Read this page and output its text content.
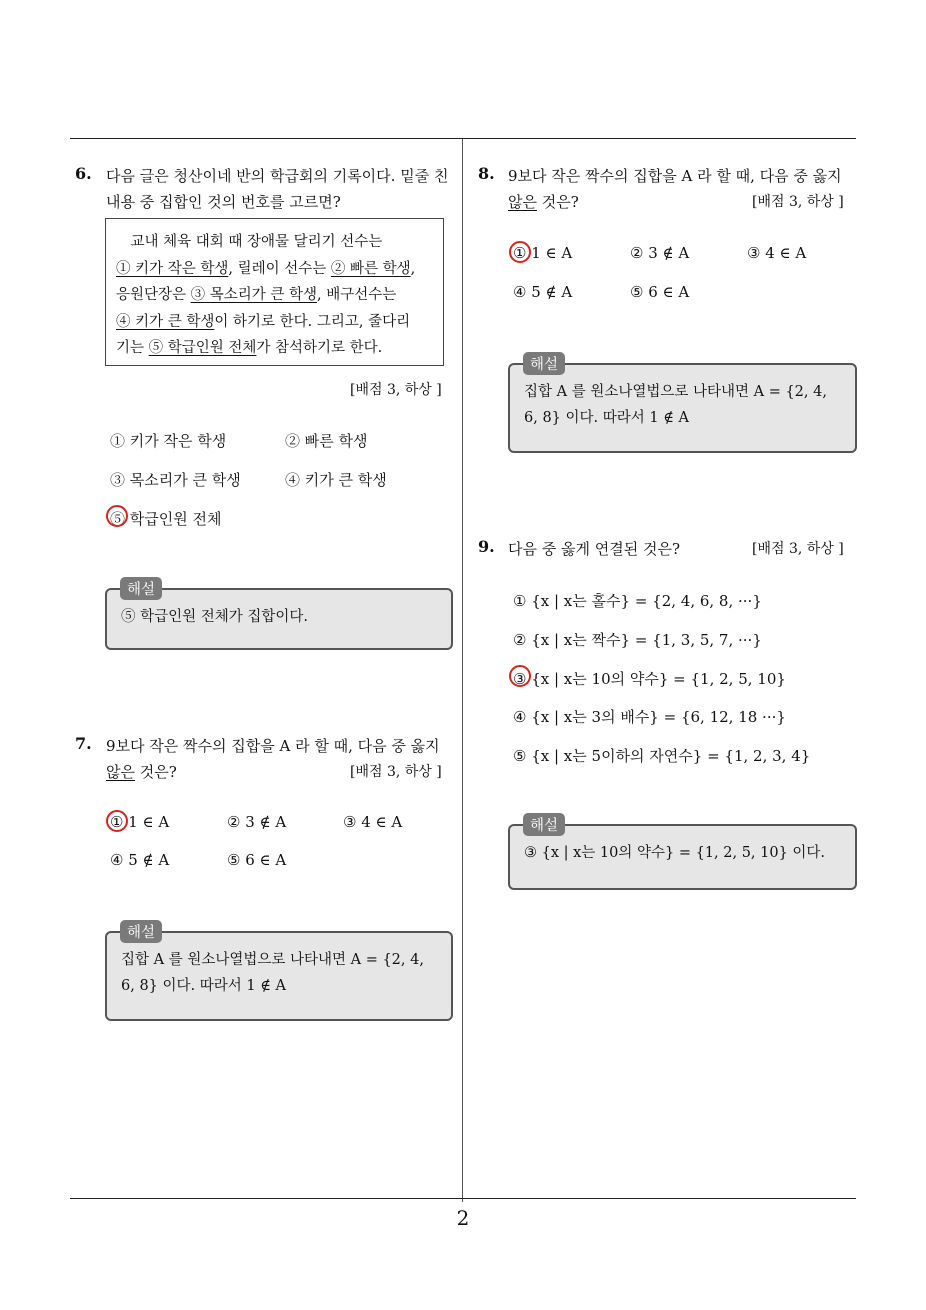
6. 다음 글은 청산이네 반의 학급회의 기록이다. 밑줄 친
내용 중 집합인 것의 번호를 고르면?
교내 체육 대회 때 장애물 달리기 선수는
① 키가 작은 학생, 릴레이 선수는 ② 빠른 학생,
응원단장은 ③ 목소리가 큰 학생, 배구선수는
④ 키가 큰 학생이 하기로 한다. 그리고, 줄다리
기는 ⑤ 학급인원 전체가 참석하기로 한다.
[배점 3, 하상 ]
① 키가 작은 학생	② 빠른 학생
③ 목소리가 큰 학생	④ 키가 큰 학생
⑤ 학급인원 전체
⑤ 학급인원 전체가 집합이다.
해설
7. 9보다 작은 짝수의 집합을 A 라 할 때, 다음 중 옳지
않은 것은?	[배점 3, 하상 ]
① 1 ∈ A	② 3 ∉ A	③ 4 ∈ A
④ 5 ∉ A	⑤ 6 ∈ A
집합 A 를 원소나열법으로 나타내면 A = {2, 4,
6, 8} 이다. 따라서 1 ∉ A
해설
8. 9보다 작은 짝수의 집합을 A 라 할 때, 다음 중 옳지
않은 것은?	[배점 3, 하상 ]
① 1 ∈ A	② 3 ∉ A	③ 4 ∈ A
④ 5 ∉ A	⑤ 6 ∈ A
집합 A 를 원소나열법으로 나타내면 A = {2, 4,
6, 8} 이다. 따라서 1 ∉ A
해설
9. 다음 중 옳게 연결된 것은?	[배점 3, 하상 ]
① {x | x는 홀수} = {2, 4, 6, 8, ···}
② {x | x는 짝수} = {1, 3, 5, 7, ···}
③ {x | x는 10의 약수} = {1, 2, 5, 10}
④ {x | x는 3의 배수} = {6, 12, 18 ···}
⑤ {x | x는 5이하의 자연수} = {1, 2, 3, 4}
③ {x | x는 10의 약수} = {1, 2, 5, 10} 이다.
해설
2
